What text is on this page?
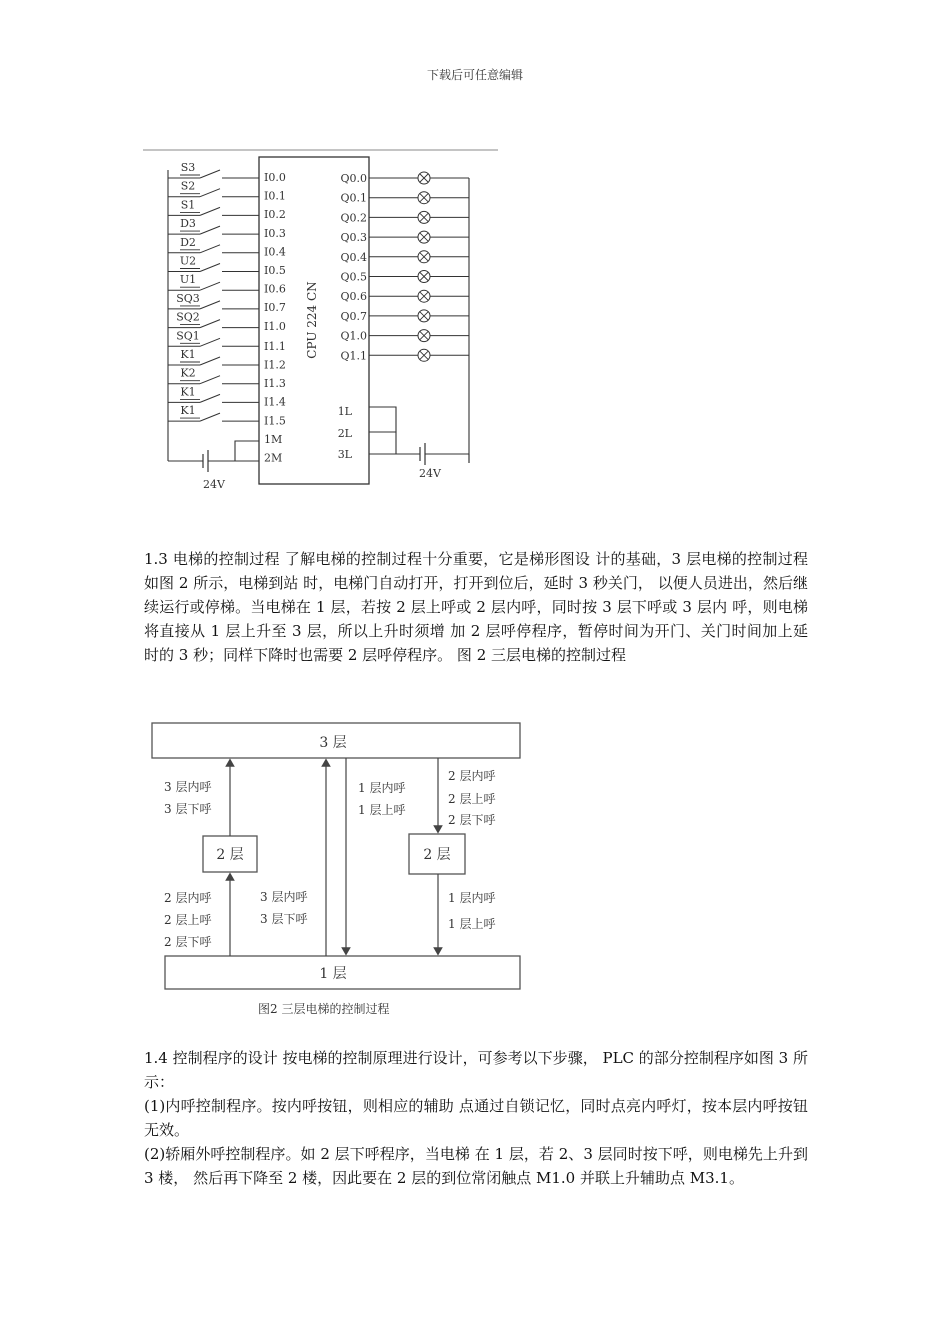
下载后可任意编辑
CPU 224 CN
S3
S2
S1
D3
D2
U2
U1
SQ3
SQ2
SQ1
K1
K2
K1
K1
I0.0
I0.1
I0.2
I0.3
I0.4
I0.5
I0.6
I0.7
I1.0
I1.1
I1.2
I1.3
I1.4
I1.5
1M
2M
Q0.0
Q0.1
Q0.2
Q0.3
Q0.4
Q0.5
Q0.6
Q0.7
Q1.0
Q1.1
1L
2L
3L
24V
24V

1.3 电梯的控制过程 了解电梯的控制过程十分重要，它是梯形图设 计的基础，3 层电梯的控制过程如图 2 所示，电梯到站 时，电梯门自动打开，打开到位后，延时 3 秒关门， 以便人员进出，然后继续运行或停梯。当电梯在 1 层，若按 2 层上呼或 2 层内呼，同时按 3 层下呼或 3 层内 呼，则电梯将直接从 1 层上升至 3 层，所以上升时须增 加 2 层呼停程序，暂停时间为开门、关门时间加上延 时的 3 秒；同样下降时也需要 2 层呼停程序。 图 2 三层电梯的控制过程

3 层
1 层
2 层	2 层
3 层内呼
3 层下呼
2 层内呼
2 层上呼
2 层下呼
3 层内呼
3 层下呼
1 层内呼
1 层上呼
2 层内呼
2 层上呼
2 层下呼
1 层内呼
1 层上呼
图2 三层电梯的控制过程
1.4 控制程序的设计 按电梯的控制原理进行设计，可参考以下步骤， PLC 的部分控制程序如图 3 所示：
(1)内呼控制程序。按内呼按钮，则相应的辅助 点通过自锁记忆，同时点亮内呼灯，按本层内呼按钮 无效。
(2)轿厢外呼控制程序。如 2 层下呼程序，当电梯 在 1 层，若 2、3 层同时按下呼，则电梯先上升到 3 楼， 然后再下降至 2 楼，因此要在 2 层的到位常闭触点 M1.0 并联上升辅助点 M3.1。
